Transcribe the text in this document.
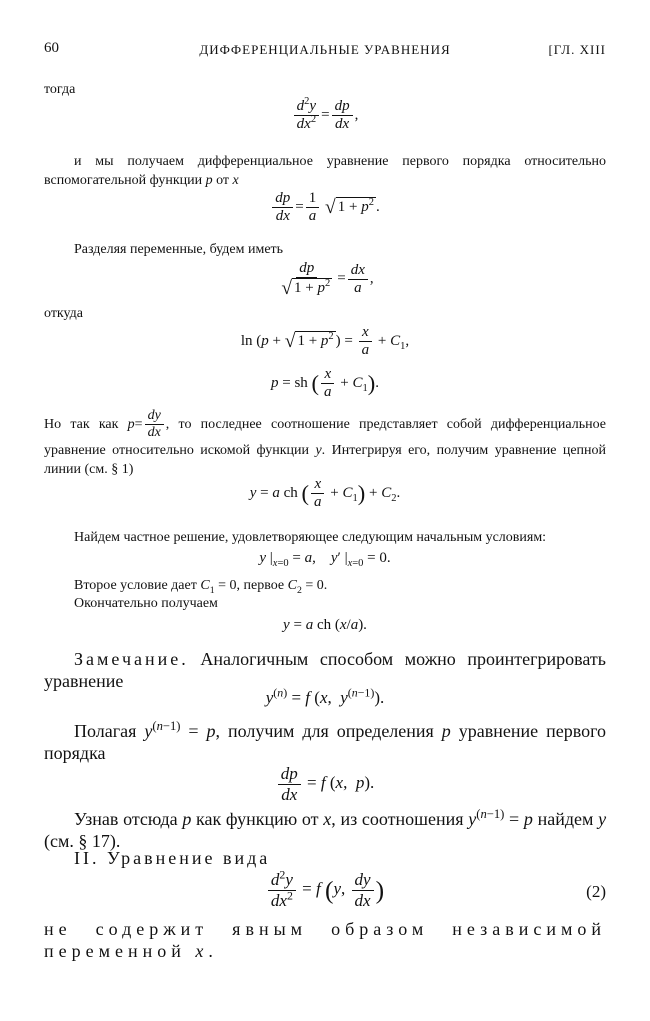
60	ДИФФЕРЕНЦИАЛЬНЫЕ УРАВНЕНИЯ	[ГЛ. XIII
тогда
$\frac{d^2y}{dx^2} = \frac{dp}{dx}$ ,
и мы получаем дифференциальное уравнение первого порядка относительно вспомогательной функции p от x
$\frac{dp}{dx} = \frac{1}{a}$ √ $1 + p^2$ .
Разделяя переменные, будем иметь
$\frac{dp}{√ 1 + p^2} = \frac{dx}{a}$ ,
откуда
ln (p + √ $1 + p^2$ ) = $\frac{x}{a} + C_1$,
p = sh ( $\frac{x}{a} + C_1$).
Но так как $p= \frac{dy}{dx}$ , то последнее соотношение представляет собой дифференциальное уравнение относительно искомой функции y. Интегрируя его, получим уравнение цепной линии (см. § 1)
y = a ch ( $\frac{x}{a} + C_1) + C_2$.
Найдем частное решение, удовлетворяющее следующим начальным условиям:
y $|_{x=0} = a$,    y′ $|_{x=0} = 0$.
Второе условие дает $C_1 = 0$, первое $C_2 = 0$.
Окончательно получаем
y = a ch (x/a).
Замечание. Аналогичным способом можно проинтегрировать уравнение
$y^{(n)} = f$ (x,  $y^{(n-1)}$).
Полагая $y^{(n-1)} = p$, получим для определения p уравнение первого порядка
$\frac{dp}{dx} = f$ (x,  p).
Узнав отсюда p как функцию от x, из соотношения $y^{(n-1)} = p$ найдем y (см. § 17).
II. Уравнение вида
$\frac{d^2y}{dx^2} = f$ (y, $\frac{dy}{dx}$ )	(2)
не содержит явным образом независимой переменной x.
